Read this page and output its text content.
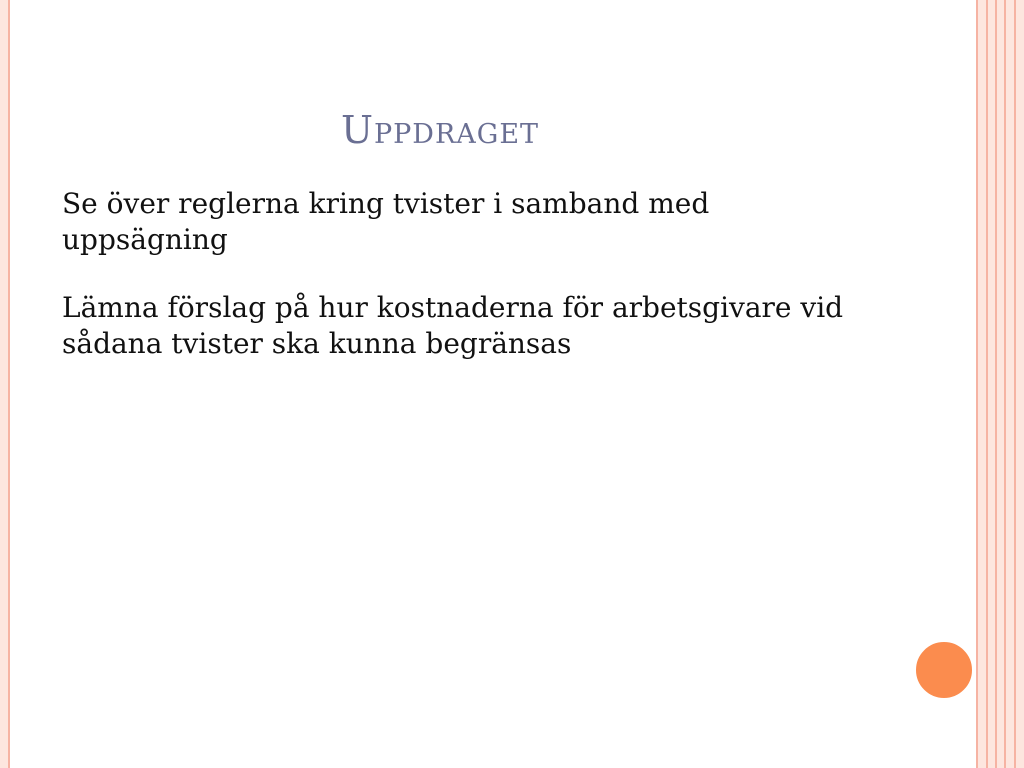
Uppdraget

Se över reglerna kring tvister i samband med uppsägning

Lämna förslag på hur kostnaderna för arbetsgivare vid sådana tvister ska kunna begränsas
